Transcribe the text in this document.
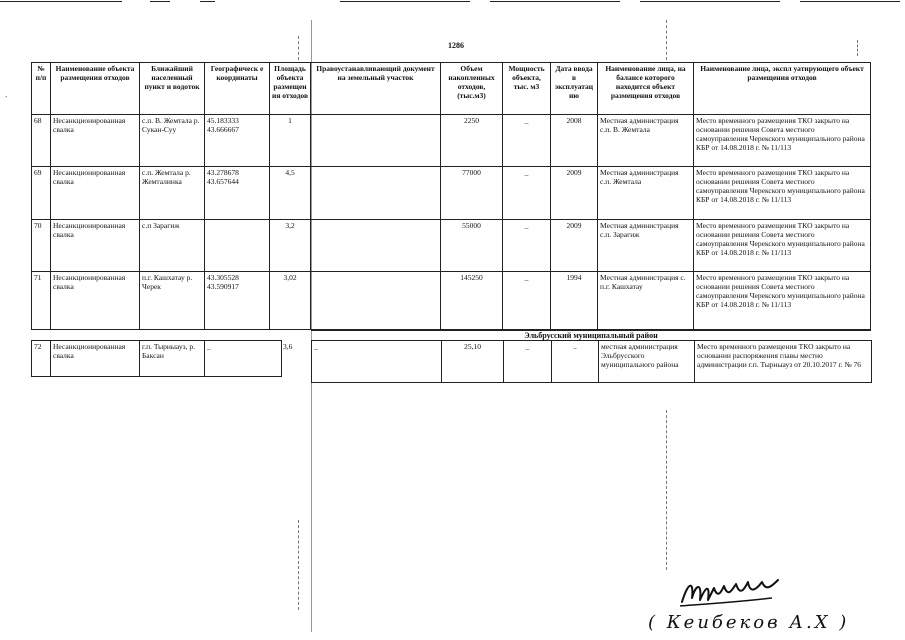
1286
ˋ
№ п/п	Наименование объекта размещения отходов	Ближайший населенный пункт и водоток	Географическ е координаты	Площадь объекта размещен ия отходов	Правоустанавливающий документ на земельный участок	Объем накопленных отходов, (тыс.м3)	Мощность объекта, тыс. м3	Дата ввода в эксплуатац ию	Наименование лица, на балансе которого находится объект размещения отходов	Наименование лица, экспл уатирующего объект размещения отходов
68	Несанкционированная свалка	с.п. В. Жемтала р. Сукан-Суу	45.183333 43.666667	1		2250	_	2008	Местная администрация с.п. В. Жемтала	Место временного размещения ТКО закрыто на основании решения Совета местного самоуправления Черекского муниципального района КБР от 14.08.2018 г. № 11/113
69	Несанкционированная свалка	с.п. Жемтала р. Жемталинка	43.278678 43.657644	4,5		77000	_	2009	Местная администрация с.п. Жемтала	Место временного размещения ТКО закрыто на основании решения Совета местного самоуправления Черекского муниципального района КБР от 14.08.2018 г. № 11/113
70	Несанкционированная свалка	с.п Зарагиж		3,2		55000	_	2009	Местная администрация с.п. Зарагиж	Место временного размещения ТКО закрыто на основании решения Совета местного самоуправления Черекского муниципального района КБР от 14.08.2018 г. № 11/113
71	Несанкционированная свалка	п.г. Кашхатау р. Черек	43.305528 43.590917	3,02		145250	_	1994	Местная администрация с. п.г. Кашхатау	Место временного размещения ТКО закрыто на основании решения Совета местного самоуправления Черекского муниципального района КБР от 14.08.2018 г. № 11/113
Эльбрусский муниципальный район
72	Несанкционированная свалка	г.п. Тырныауз, р. Баксан	_	3,6	_	25,10	_	..	местная администрация Эльбрусского муниципального района	Место временного размещения ТКО закрыто на основании распоряжения главы местно администрации г.п. Тырныауз от 20.10.2017 г. № 76
( Кеибеков А.Х )
